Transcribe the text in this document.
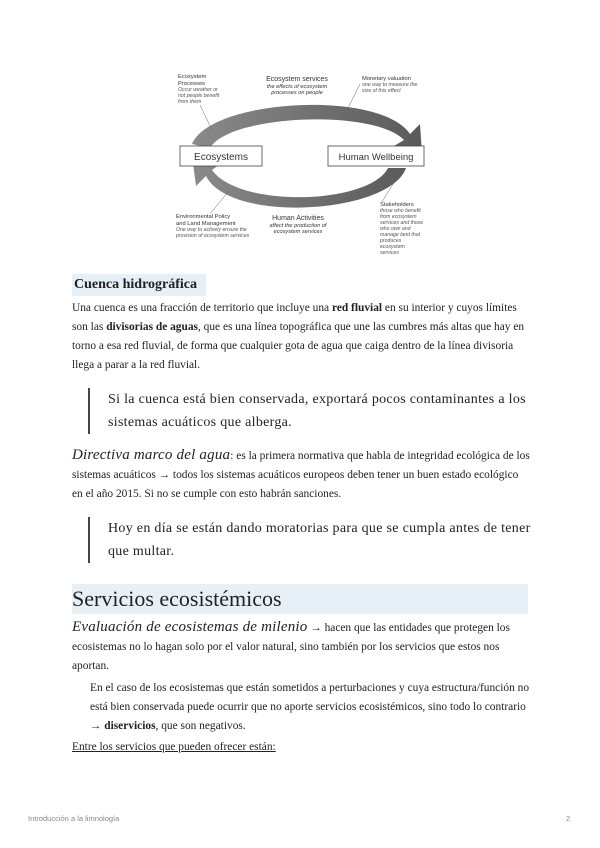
Ecosystems	Human Wellbeing
Ecosystem services
the effects of ecosystem
processes on people
Ecosystem
Processes
Occur weather or
not people benefit
from them
Monetary valuation
one way to measure the
size of this effect
Environmental Policy
and Land Management
One way to actively ensure the
provision of ecosystem services
Human Activities
affect the production of
ecosystem services
Stakeholders
those who benefit
from ecosystem
services and those
who own and
manage land that
produces
ecosystem
services
Cuenca hidrográfica

Una cuenca es una fracción de territorio que incluye una red fluvial en su interior y cuyos límites son las divisorias de aguas, que es una línea topográfica que une las cumbres más altas que hay en torno a esa red fluvial, de forma que cualquier gota de agua que caiga dentro de la línea divisoria llega a parar a la red fluvial.

Si la cuenca está bien conservada, exportará pocos contaminantes a los sistemas acuáticos que alberga.

Directiva marco del agua: es la primera normativa que habla de integridad ecológica de los sistemas acuáticos → todos los sistemas acuáticos europeos deben tener un buen estado ecológico en el año 2015. Si no se cumple con esto habrán sanciones.

Hoy en día se están dando moratorias para que se cumpla antes de tener que multar.

Servicios ecosistémicos

Evaluación de ecosistemas de milenio → hacen que las entidades que protegen los ecosistemas no lo hagan solo por el valor natural, sino también por los servicios que estos nos aportan.

En el caso de los ecosistemas que están sometidos a perturbaciones y cuya estructura/función no está bien conservada puede ocurrir que no aporte servicios ecosistémicos, sino todo lo contrario → diservicios, que son negativos.

Entre los servicios que pueden ofrecer están:

Introducción a la limnología	2
